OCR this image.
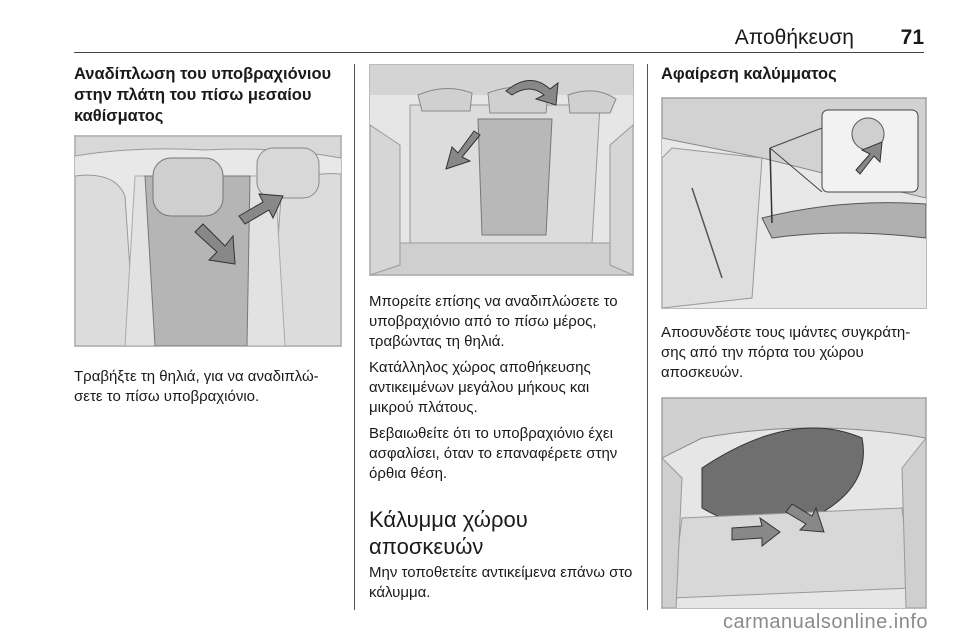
Αποθήκευση 71
Αναδίπλωση του υποβραχιόνιου στην πλάτη του πίσω μεσαίου καθίσματος

Τραβήξτε τη θηλιά, για να αναδιπλώ-σετε το πίσω υποβραχιόνιο.

Μπορείτε επίσης να αναδιπλώσετε το υποβραχιόνιο από το πίσω μέρος, τραβώντας τη θηλιά.

Κατάλληλος χώρος αποθήκευσης αντικειμένων μεγάλου μήκους και μικρού πλάτους.

Βεβαιωθείτε ότι το υποβραχιόνιο έχει ασφαλίσει, όταν το επαναφέρετε στην όρθια θέση.

Κάλυμμα χώρου αποσκευών

Μην τοποθετείτε αντικείμενα επάνω στο κάλυμμα.

Αφαίρεση καλύμματος

Αποσυνδέστε τους ιμάντες συγκράτη-σης από την πόρτα του χώρου αποσκευών.

carmanualsonline.info
